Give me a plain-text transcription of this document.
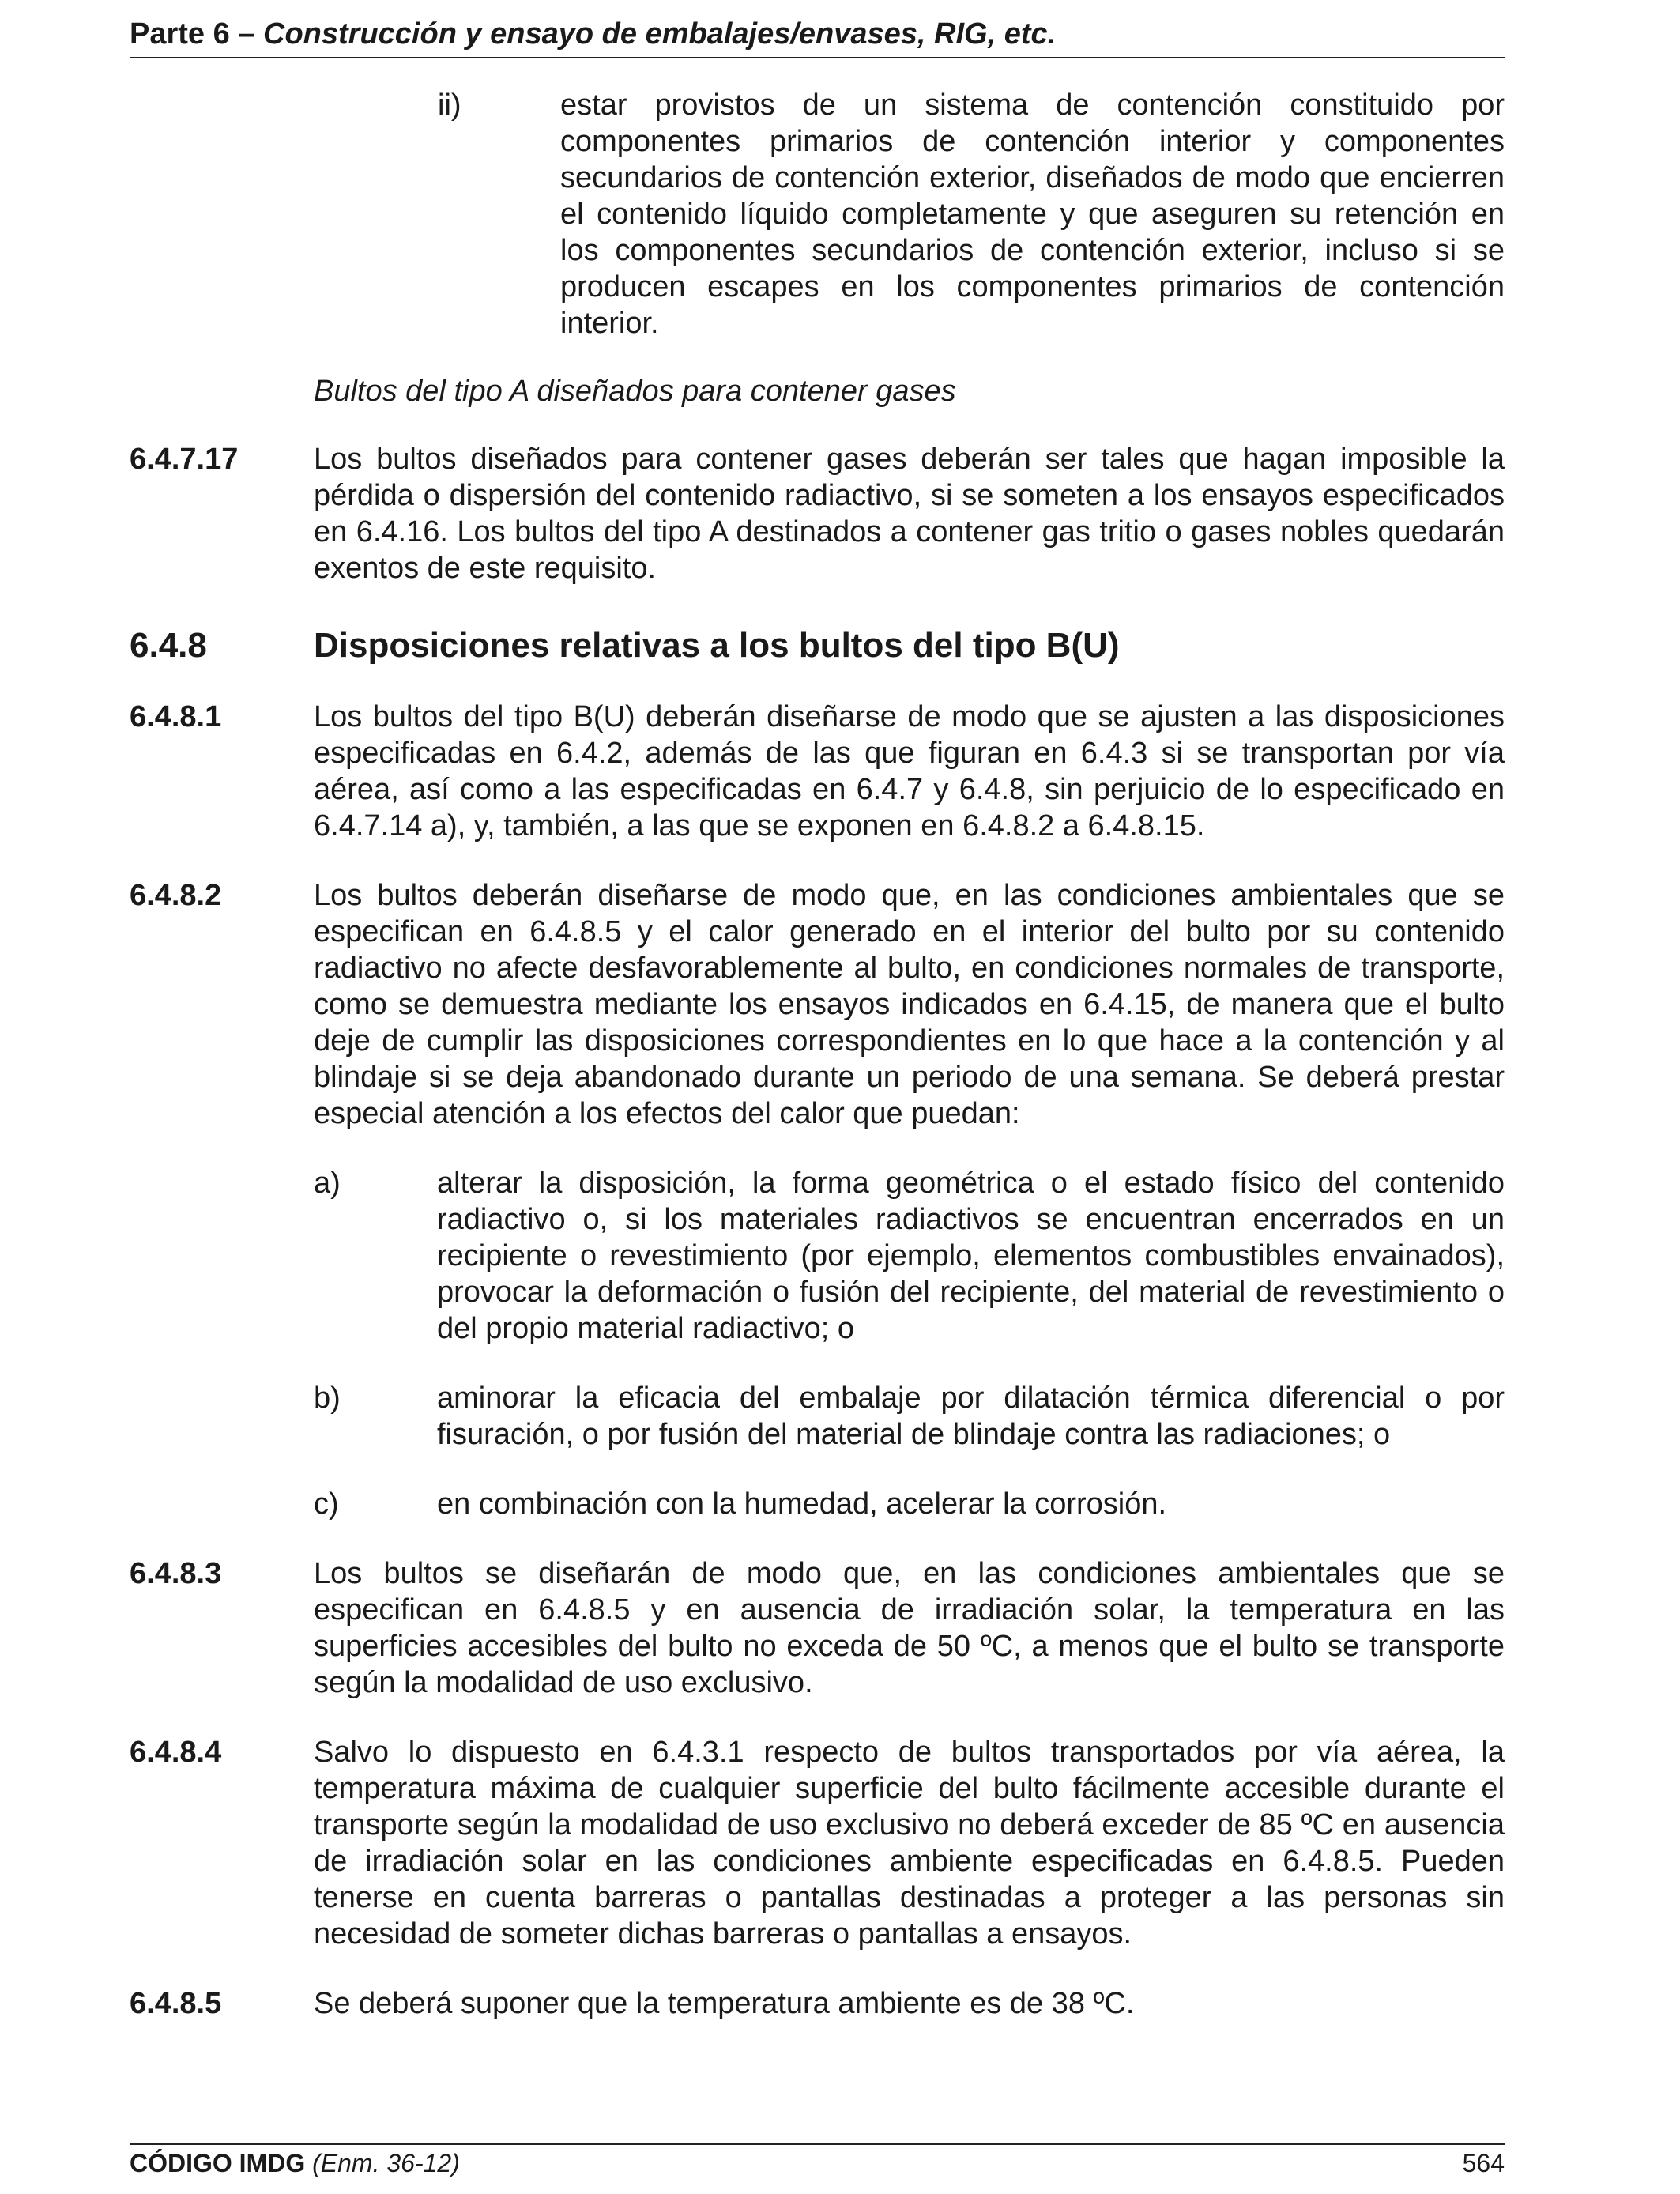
Parte 6 – Construcción y ensayo de embalajes/envases, RIG, etc.
ii)	estar provistos de un sistema de contención constituido por componentes primarios de contención interior y componentes secundarios de contención exterior, diseñados de modo que encierren el contenido líquido completamente y que aseguren su retención en los componentes secundarios de contención exterior, incluso si se producen escapes en los componentes primarios de contención interior.
Bultos del tipo A diseñados para contener gases
6.4.7.17	Los bultos diseñados para contener gases deberán ser tales que hagan imposible la pérdida o dispersión del contenido radiactivo, si se someten a los ensayos especificados en 6.4.16. Los bultos del tipo A destinados a contener gas tritio o gases nobles quedarán exentos de este requisito.
6.4.8	Disposiciones relativas a los bultos del tipo B(U)
6.4.8.1	Los bultos del tipo B(U) deberán diseñarse de modo que se ajusten a las disposiciones especificadas en 6.4.2, además de las que figuran en 6.4.3 si se transportan por vía aérea, así como a las especificadas en 6.4.7 y 6.4.8, sin perjuicio de lo especificado en 6.4.7.14 a), y, también, a las que se exponen en 6.4.8.2 a 6.4.8.15.
6.4.8.2	Los bultos deberán diseñarse de modo que, en las condiciones ambientales que se especifican en 6.4.8.5 y el calor generado en el interior del bulto por su contenido radiactivo no afecte desfavorablemente al bulto, en condiciones normales de transporte, como se demuestra mediante los ensayos indicados en 6.4.15, de manera que el bulto deje de cumplir las disposiciones correspondientes en lo que hace a la contención y al blindaje si se deja abandonado durante un periodo de una semana. Se deberá prestar especial atención a los efectos del calor que puedan:
a)	alterar la disposición, la forma geométrica o el estado físico del contenido radiactivo o, si los materiales radiactivos se encuentran encerrados en un recipiente o revestimiento (por ejemplo, elementos combustibles envainados), provocar la deformación o fusión del recipiente, del material de revestimiento o del propio material radiactivo; o
b)	aminorar la eficacia del embalaje por dilatación térmica diferencial o por fisuración, o por fusión del material de blindaje contra las radiaciones; o
c)	en combinación con la humedad, acelerar la corrosión.
6.4.8.3	Los bultos se diseñarán de modo que, en las condiciones ambientales que se especifican en 6.4.8.5 y en ausencia de irradiación solar, la temperatura en las superficies accesibles del bulto no exceda de 50 ºC, a menos que el bulto se transporte según la modalidad de uso exclusivo.
6.4.8.4	Salvo lo dispuesto en 6.4.3.1 respecto de bultos transportados por vía aérea, la temperatura máxima de cualquier superficie del bulto fácilmente accesible durante el transporte según la modalidad de uso exclusivo no deberá exceder de 85 ºC en ausencia de irradiación solar en las condiciones ambiente especificadas en 6.4.8.5. Pueden tenerse en cuenta barreras o pantallas destinadas a proteger a las personas sin necesidad de someter dichas barreras o pantallas a ensayos.
6.4.8.5	Se deberá suponer que la temperatura ambiente es de 38 ºC.
CÓDIGO IMDG (Enm. 36-12)	564
